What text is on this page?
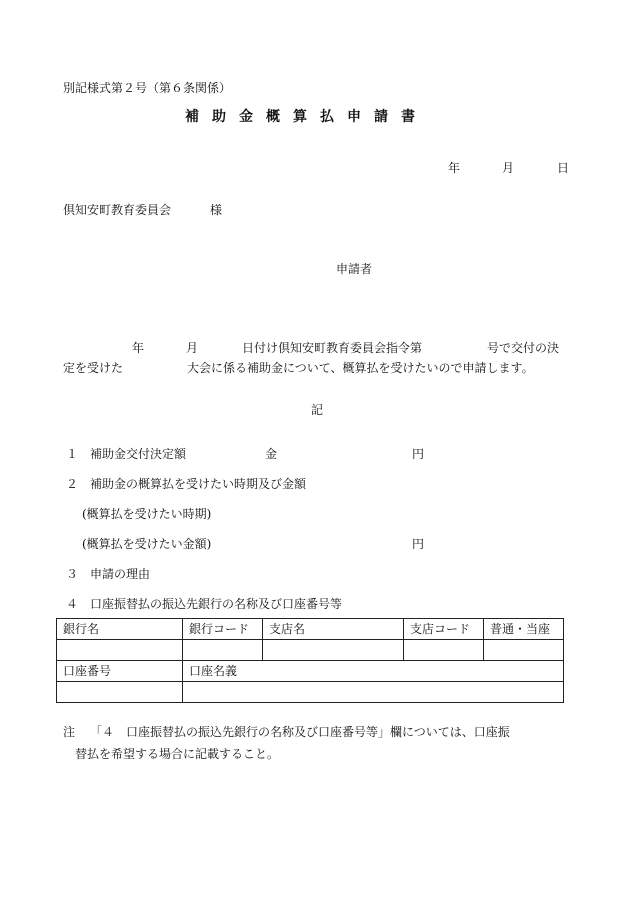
別記様式第２号（第６条関係）
補助金概算払申請書
年	月	日
倶知安町教育委員会	様
申請者
年	月	日付け倶知安町教育委員会指令第	号で交付の決
定を受けた	大会に係る補助金について、概算払を受けたいので申請します。
記
１ 補助金交付決定額	金	円
２ 補助金の概算払を受けたい時期及び金額
(概算払を受けたい時期)
(概算払を受けたい金額)	円
３ 申請の理由
４ 口座振替払の振込先銀行の名称及び口座番号等
銀行名	銀行コード	支店名	支店コード	普通・当座

口座番号	口座名義			

注 「４　口座振替払の振込先銀行の名称及び口座番号等」欄については、口座振
替払を希望する場合に記載すること。
